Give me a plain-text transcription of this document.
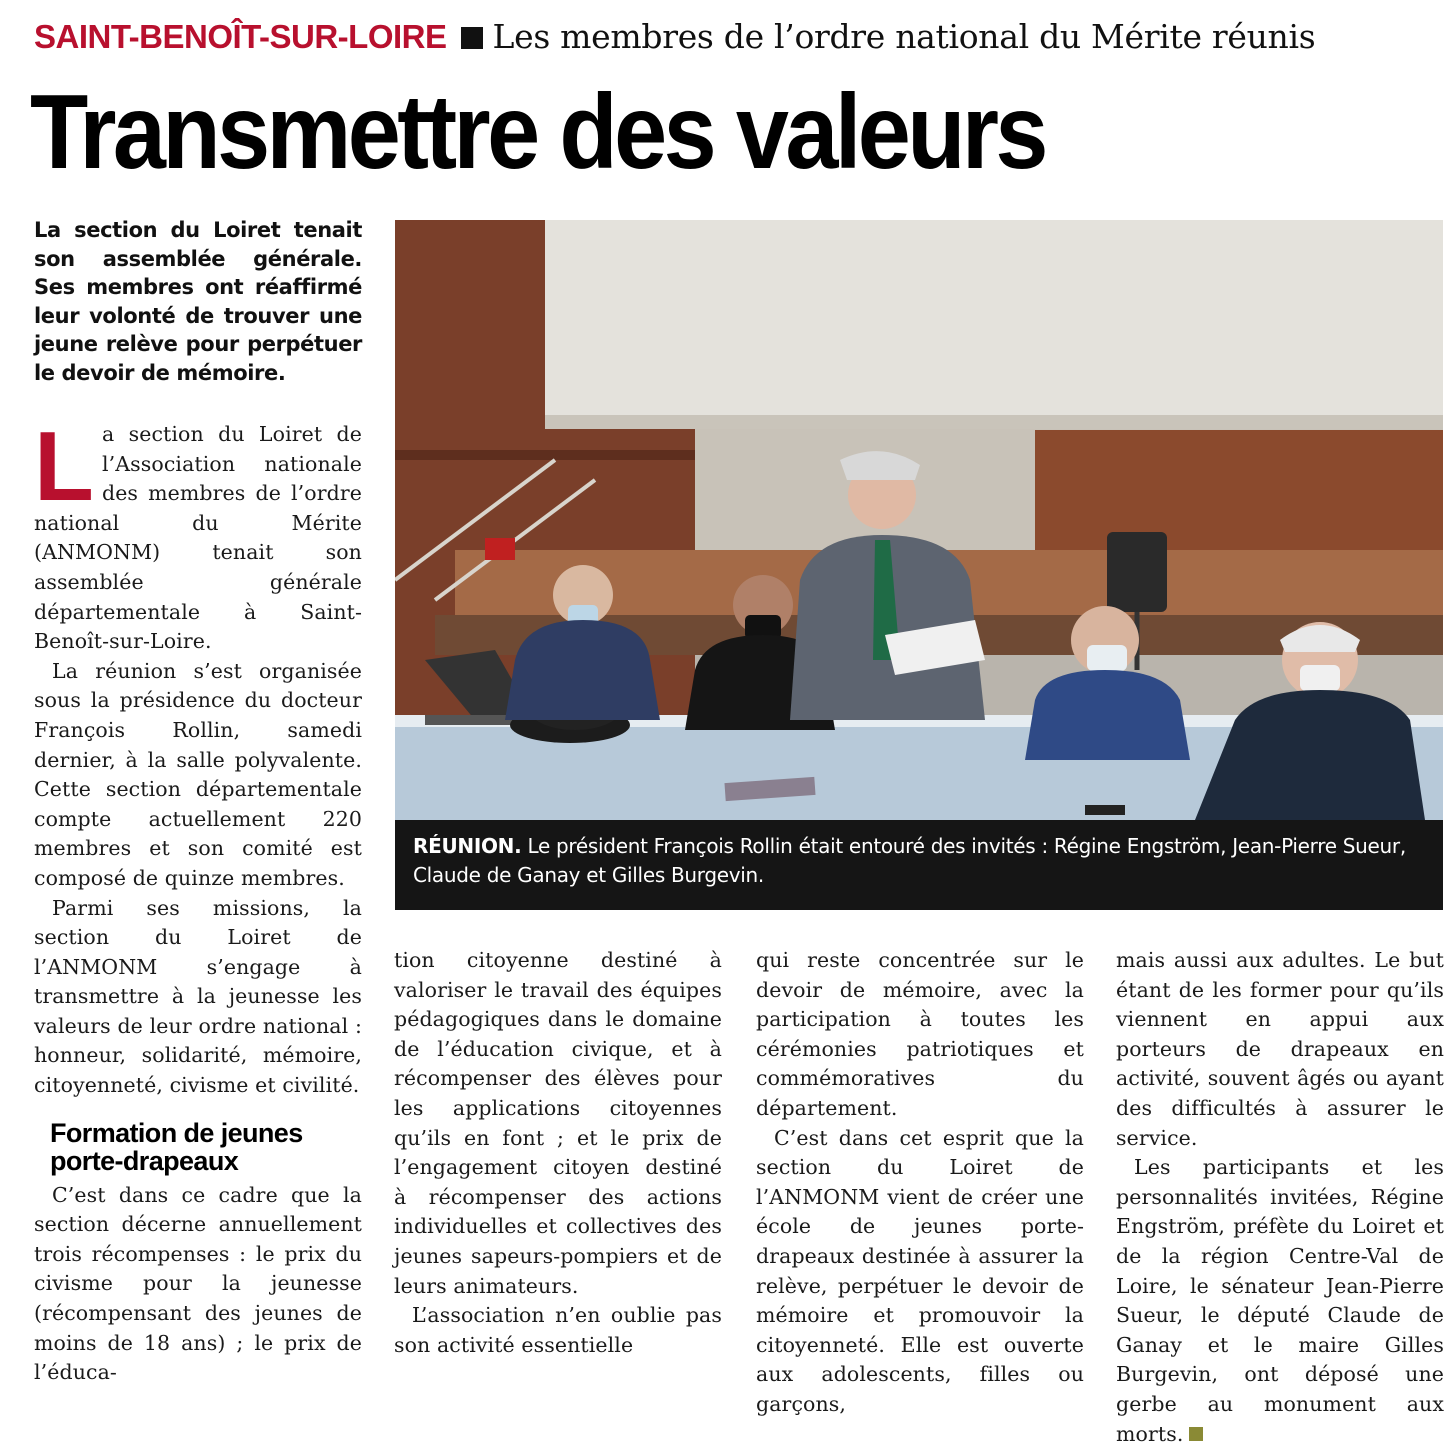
SAINT-BENOÎT-SUR-LOIRE Les membres de l’ordre national du Mérite réunis
Transmettre des valeurs

La section du Loiret tenait son assemblée générale. Ses membres ont réaffirmé leur volonté de trouver une jeune relève pour perpétuer le devoir de mémoire.

RÉUNION. Le président François Rollin était entouré des invités : Régine Engström, Jean-Pierre Sueur, Claude de Ganay et Gilles Burgevin.

La section du Loiret de l’Association nationale des membres de l’ordre national du Mérite (ANMONM) tenait son assemblée générale départementale à Saint-Benoît-sur-Loire.

La réunion s’est organisée sous la présidence du docteur François Rollin, samedi dernier, à la salle polyvalente. Cette section départementale compte actuellement 220 membres et son comité est composé de quinze membres.

Parmi ses missions, la section du Loiret de l’ANMONM s’engage à transmettre à la jeunesse les valeurs de leur ordre national : honneur, solidarité, mémoire, citoyenneté, civisme et civilité.

Formation de jeunes porte-drapeaux

C’est dans ce cadre que la section décerne annuellement trois récompenses : le prix du civisme pour la jeunesse (récompensant des jeunes de moins de 18 ans) ; le prix de l’éduca-

tion citoyenne destiné à valoriser le travail des équipes pédagogiques dans le domaine de l’éducation civique, et à récompenser des élèves pour les applications citoyennes qu’ils en font ; et le prix de l’engagement citoyen destiné à récompenser des actions individuelles et collectives des jeunes sapeurs-pompiers et de leurs animateurs.

L’association n’en oublie pas son activité essentielle

qui reste concentrée sur le devoir de mémoire, avec la participation à toutes les cérémonies patriotiques et commémoratives du département.

C’est dans cet esprit que la section du Loiret de l’ANMONM vient de créer une école de jeunes porte-drapeaux destinée à assurer la relève, perpétuer le devoir de mémoire et promouvoir la citoyenneté. Elle est ouverte aux adolescents, filles ou garçons,

mais aussi aux adultes. Le but étant de les former pour qu’ils viennent en appui aux porteurs de drapeaux en activité, souvent âgés ou ayant des difficultés à assurer le service.

Les participants et les personnalités invitées, Régine Engström, préfète du Loiret et de la région Centre-Val de Loire, le sénateur Jean-Pierre Sueur, le député Claude de Ganay et le maire Gilles Burgevin, ont déposé une gerbe au monument aux morts.
